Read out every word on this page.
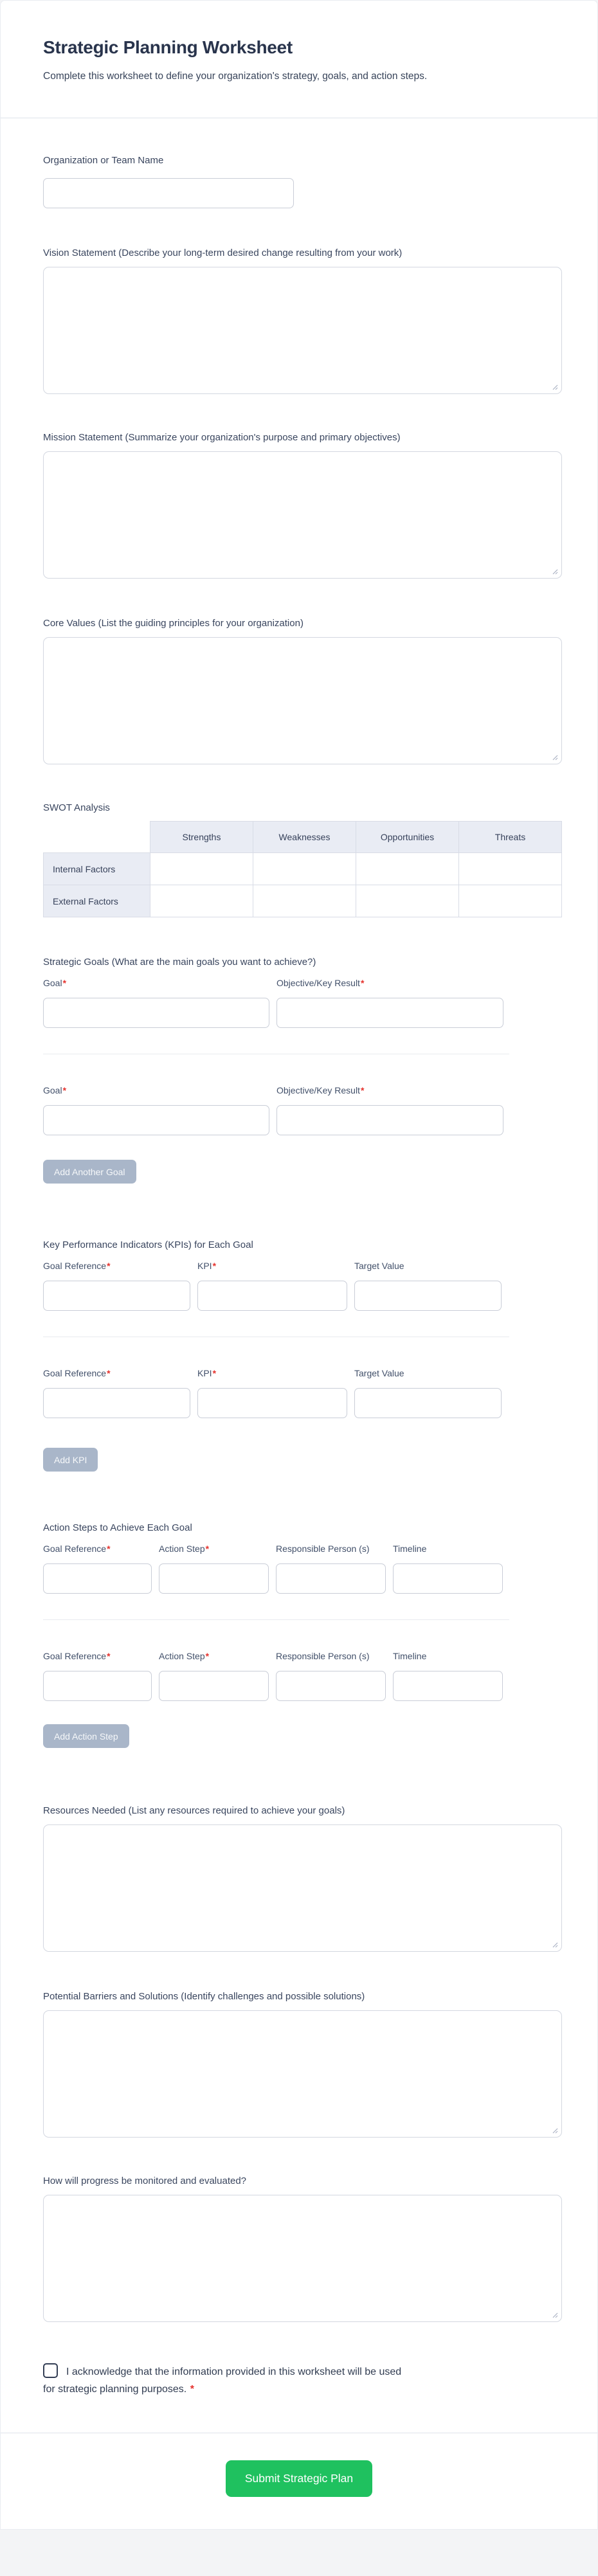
Strategic Planning Worksheet
Complete this worksheet to define your organization's strategy, goals, and action steps.
Organization or Team Name
Vision Statement (Describe your long-term desired change resulting from your work)
Mission Statement (Summarize your organization's purpose and primary objectives)
Core Values (List the guiding principles for your organization)
SWOT Analysis
	Strengths	Weaknesses	Opportunities	Threats
Internal Factors				
External Factors				
Strategic Goals (What are the main goals you want to achieve?)
Goal*	Objective/Key Result*
Goal*	Objective/Key Result*
Add Another Goal
Key Performance Indicators (KPIs) for Each Goal
Goal Reference*	KPI*	Target Value
Goal Reference*	KPI*	Target Value
Add KPI
Action Steps to Achieve Each Goal
Goal Reference*	Action Step*	Responsible Person (s)	Timeline
Goal Reference*	Action Step*	Responsible Person (s)	Timeline
Add Action Step
Resources Needed (List any resources required to achieve your goals)
Potential Barriers and Solutions (Identify challenges and possible solutions)
How will progress be monitored and evaluated?
I acknowledge that the information provided in this worksheet will be used for strategic planning purposes. *
Submit Strategic Plan
